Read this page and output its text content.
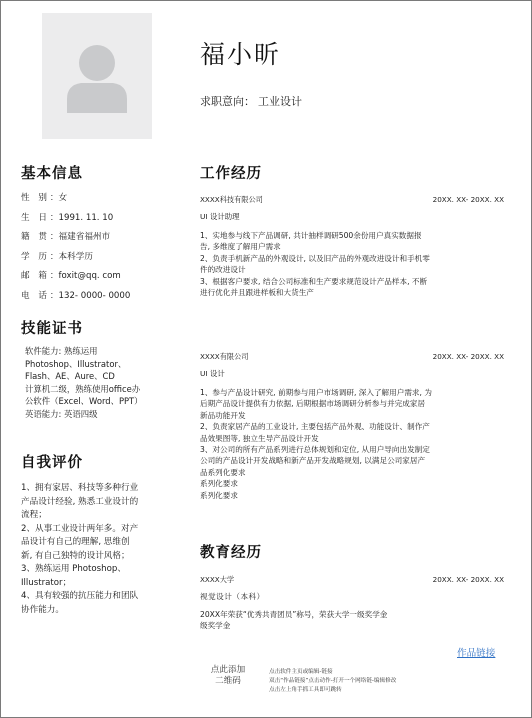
福小昕
求职意向： 工业设计
基本信息
性 别：女
生 日：1991. 11. 10
籍 贯：福建省福州市
学 历：本科学历
邮 箱：foxit@qq. com
电 话：132- 0000- 0000
技能证书
软件能力: 熟练运用
Photoshop、Illustrator、
Flash、AE、Aure、CD
计算机二级，熟练使用office办
公软件（Excel、Word、PPT）
英语能力: 英语四级
自我评价
1、拥有家居、科技等多种行业
产品设计经验, 熟悉工业设计的
流程；
2、从事工业设计两年多。对产
品设计有自己的理解, 思维创
新, 有自己独特的设计风格；
3、熟练运用 Photoshop、
Illustrator；
4、具有较强的抗压能力和团队
协作能力。
工作经历
XXXX科技有限公司	20XX. XX- 20XX. XX
UI 设计助理
1、实地参与线下产品调研, 共计抽样调研500余份用户真实数据报
告, 多维度了解用户需求
2、负责手机新产品的外观设计, 以及旧产品的外观改进设计和手机零
件的改进设计
3、根据客户要求, 结合公司标准和生产要求规范设计产品样本, 不断
进行优化并且跟进样板和大货生产
XXXX有限公司	20XX. XX- 20XX. XX
UI 设计
1、参与产品设计研究, 前期参与用户市场调研, 深入了解用户需求, 为
后期产品设计提供有力依据, 后期根据市场调研分析参与并完成家居
新品功能开发
2、负责家居产品的工业设计, 主要包括产品外观、功能设计、制作产
品效果图等, 独立生导产品设计开发
3、对公司的所有产品系列进行总体规划和定位, 从用户导向出发制定
公司的产品设计开发战略和新产品开发战略规划, 以满足公司家居产
品系列化要求
系列化要求
系列化要求
教育经历
XXXX大学	20XX. XX- 20XX. XX
视觉设计（本科）
20XX年荣获“优秀共青团员”称号，荣获大学一级奖学金
级奖学金
作品链接
点此添加
二维码
点击软件主页或编辑-链接
双击“作品链接”点击动作-打开一个网络链-编辑修改
点击左上角手抓工具即可跳转
